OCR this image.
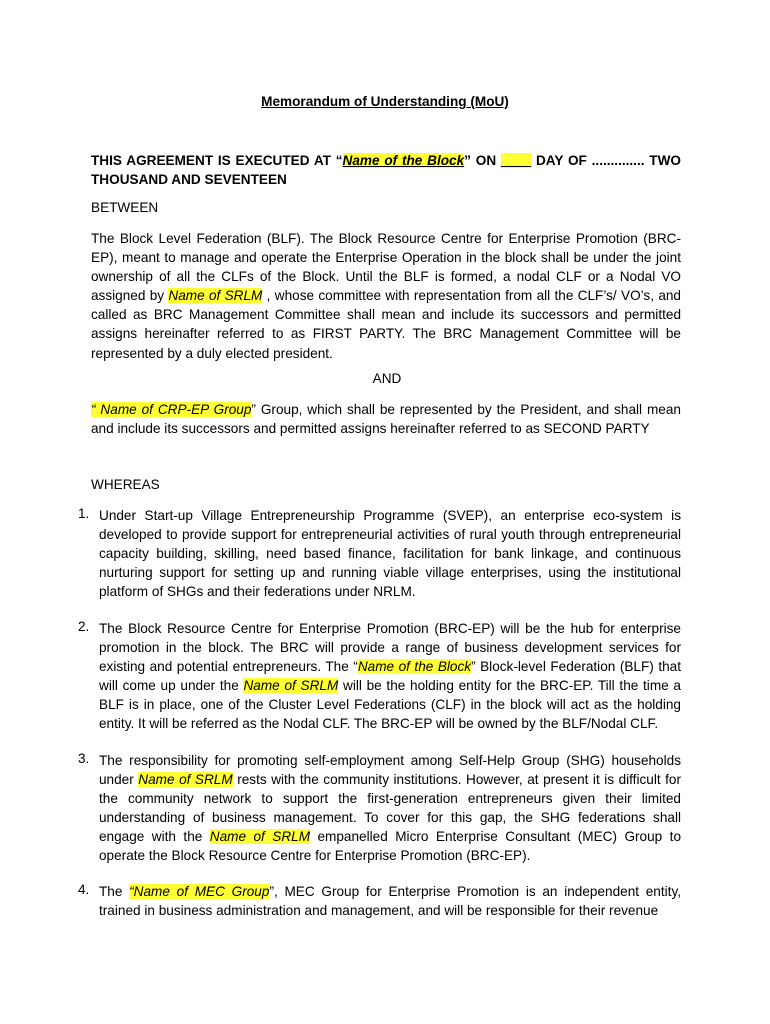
Memorandum of Understanding (MoU)
THIS AGREEMENT IS EXECUTED AT “Name of the Block” ON ____ DAY OF .............. TWO THOUSAND AND SEVENTEEN
BETWEEN
The Block Level Federation (BLF). The Block Resource Centre for Enterprise Promotion (BRC-EP), meant to manage and operate the Enterprise Operation in the block shall be under the joint ownership of all the CLFs of the Block. Until the BLF is formed, a nodal CLF or a Nodal VO assigned by Name of SRLM , whose committee with representation from all the CLF’s/ VO’s, and called as BRC Management Committee shall mean and include its successors and permitted assigns hereinafter referred to as FIRST PARTY. The BRC Management Committee will be represented by a duly elected president.
AND
“ Name of CRP-EP Group” Group, which shall be represented by the President, and shall mean and include its successors and permitted assigns hereinafter referred to as SECOND PARTY
WHEREAS
1. Under Start-up Village Entrepreneurship Programme (SVEP), an enterprise eco-system is developed to provide support for entrepreneurial activities of rural youth through entrepreneurial capacity building, skilling, need based finance, facilitation for bank linkage, and continuous nurturing support for setting up and running viable village enterprises, using the institutional platform of SHGs and their federations under NRLM.
2. The Block Resource Centre for Enterprise Promotion (BRC-EP) will be the hub for enterprise promotion in the block. The BRC will provide a range of business development services for existing and potential entrepreneurs. The “Name of the Block” Block-level Federation (BLF) that will come up under the Name of SRLM will be the holding entity for the BRC-EP. Till the time a BLF is in place, one of the Cluster Level Federations (CLF) in the block will act as the holding entity. It will be referred as the Nodal CLF. The BRC-EP will be owned by the BLF/Nodal CLF.
3. The responsibility for promoting self-employment among Self-Help Group (SHG) households under Name of SRLM rests with the community institutions. However, at present it is difficult for the community network to support the first-generation entrepreneurs given their limited understanding of business management. To cover for this gap, the SHG federations shall engage with the Name of SRLM empanelled Micro Enterprise Consultant (MEC) Group to operate the Block Resource Centre for Enterprise Promotion (BRC-EP).
4. The “Name of MEC Group”, MEC Group for Enterprise Promotion is an independent entity, trained in business administration and management, and will be responsible for their revenue
